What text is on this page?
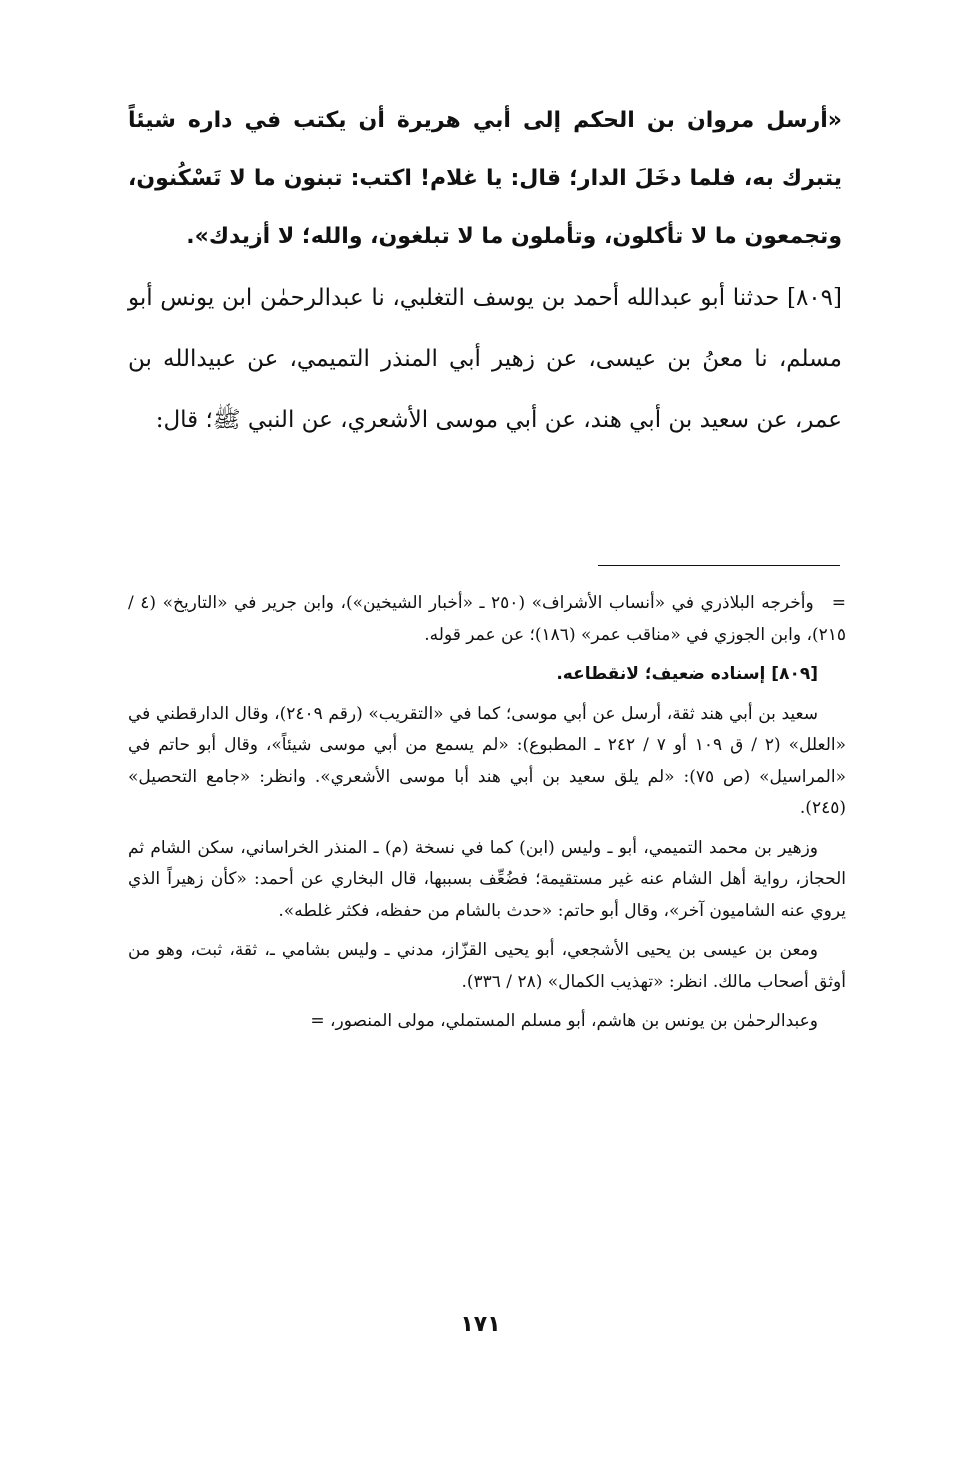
«أرسل مروان بن الحكم إلى أبي هريرة أن يكتب في داره شيئاً يتبرك به، فلما دخَلَ الدار؛ قال: يا غلام! اكتب: تبنون ما لا تَسْكُنون، وتجمعون ما لا تأكلون، وتأملون ما لا تبلغون، والله؛ لا أزيدك».

[٨٠٩] حدثنا أبو عبدالله أحمد بن يوسف التغلبي، نا عبدالرحمٰن ابن يونس أبو مسلم، نا معنُ بن عيسى، عن زهير أبي المنذر التميمي، عن عبيدالله بن عمر، عن سعيد بن أبي هند، عن أبي موسى الأشعري، عن النبي ﷺ؛ قال:

=وأخرجه البلاذري في «أنساب الأشراف» (٢٥٠ ـ «أخبار الشيخين»)، وابن جرير في «التاريخ» (٤ / ٢١٥)، وابن الجوزي في «مناقب عمر» (١٨٦)؛ عن عمر قوله.

[٨٠٩] إسناده ضعيف؛ لانقطاعه.

سعيد بن أبي هند ثقة، أرسل عن أبي موسى؛ كما في «التقريب» (رقم ٢٤٠٩)، وقال الدارقطني في «العلل» (٢ / ق ١٠٩ أو ٧ / ٢٤٢ ـ المطبوع): «لم يسمع من أبي موسى شيئاً»، وقال أبو حاتم في «المراسيل» (ص ٧٥): «لم يلق سعيد بن أبي هند أبا موسى الأشعري». وانظر: «جامع التحصيل» (٢٤٥).

وزهير بن محمد التميمي، أبو ـ وليس (ابن) كما في نسخة (م) ـ المنذر الخراساني، سكن الشام ثم الحجاز، رواية أهل الشام عنه غير مستقيمة؛ فضُعِّف بسببها، قال البخاري عن أحمد: «كأن زهيراً الذي يروي عنه الشاميون آخر»، وقال أبو حاتم: «حدث بالشام من حفظه، فكثر غلطه».

ومعن بن عيسى بن يحيى الأشجعي، أبو يحيى القزّاز، مدني ـ وليس بشامي ـ، ثقة، ثبت، وهو من أوثق أصحاب مالك. انظر: «تهذيب الكمال» (٢٨ / ٣٣٦).

وعبدالرحمٰن بن يونس بن هاشم، أبو مسلم المستملي، مولى المنصور، =

١٧١
